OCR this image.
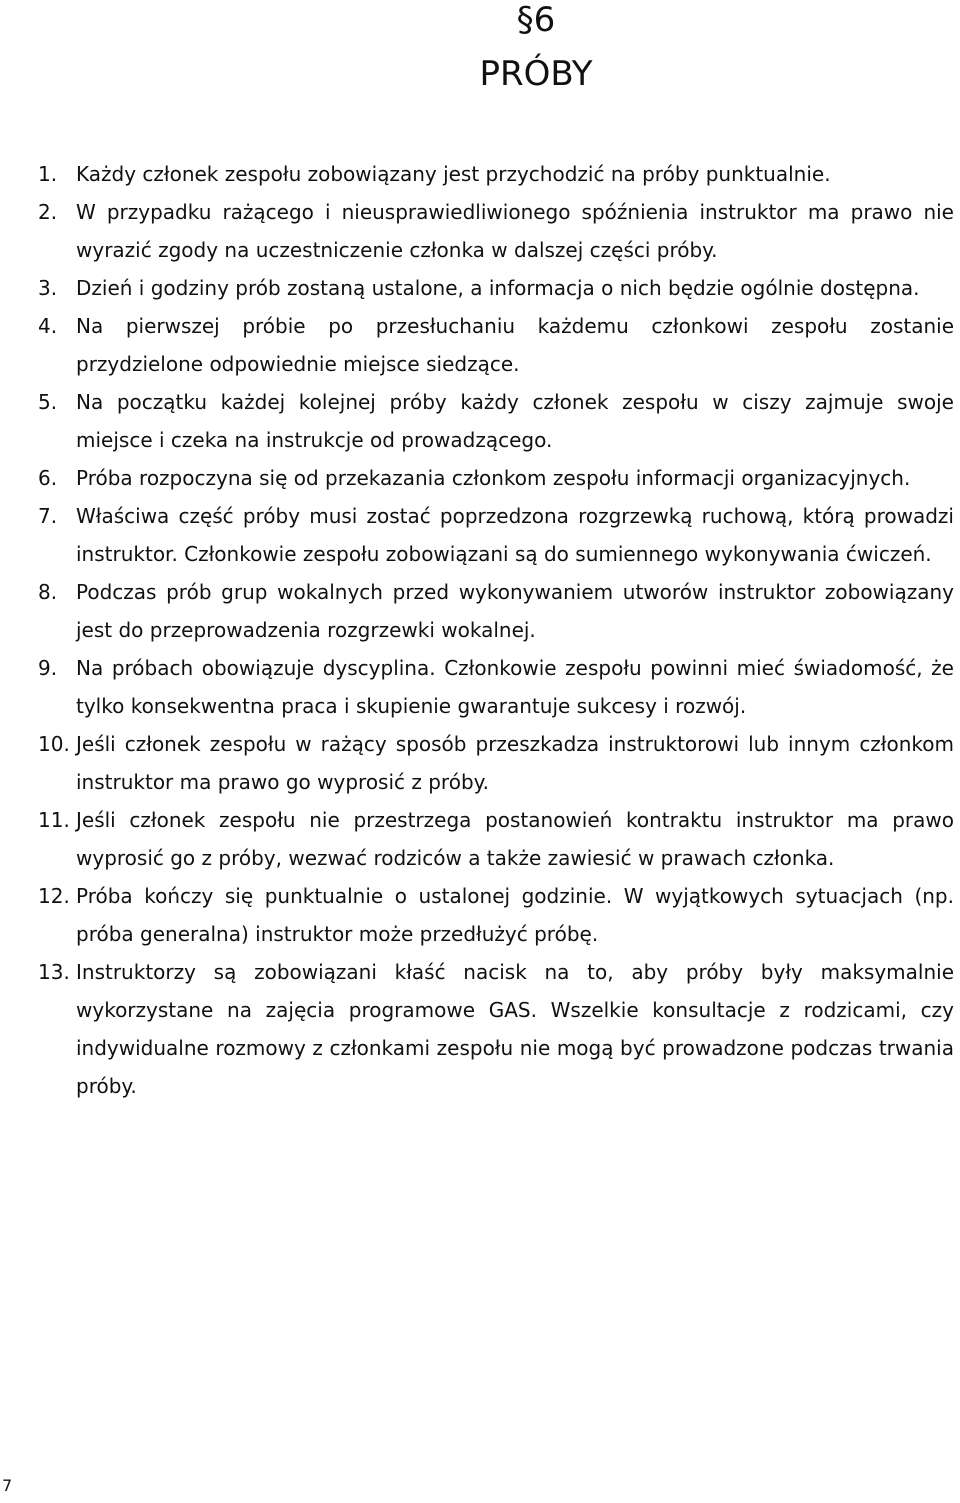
§6
PRÓBY
1. Każdy członek zespołu zobowiązany jest przychodzić na próby punktualnie.
2. W przypadku rażącego i nieusprawiedliwionego spóźnienia instruktor ma prawo nie wyrazić zgody na uczestniczenie członka w dalszej części próby.
3. Dzień i godziny prób zostaną ustalone, a informacja o nich będzie ogólnie dostępna.
4. Na pierwszej próbie po przesłuchaniu każdemu członkowi zespołu zostanie przydzielone odpowiednie miejsce siedzące.
5. Na początku każdej kolejnej próby każdy członek zespołu w ciszy zajmuje swoje miejsce i czeka na instrukcje od prowadzącego.
6. Próba rozpoczyna się od przekazania członkom zespołu informacji organizacyjnych.
7. Właściwa część próby musi zostać poprzedzona rozgrzewką ruchową, którą prowadzi instruktor. Członkowie zespołu zobowiązani są do sumiennego wykonywania ćwiczeń.
8. Podczas prób grup wokalnych przed wykonywaniem utworów instruktor zobowiązany jest do przeprowadzenia rozgrzewki wokalnej.
9. Na próbach obowiązuje dyscyplina. Członkowie zespołu powinni mieć świadomość, że tylko konsekwentna praca i skupienie gwarantuje sukcesy i rozwój.
10. Jeśli członek zespołu w rażący sposób przeszkadza instruktorowi lub innym członkom instruktor ma prawo go wyprosić z próby.
11. Jeśli członek zespołu nie przestrzega postanowień kontraktu instruktor ma prawo wyprosić go z próby, wezwać rodziców a także zawiesić w prawach członka.
12. Próba kończy się punktualnie o ustalonej godzinie. W wyjątkowych sytuacjach (np. próba generalna) instruktor może przedłużyć próbę.
13. Instruktorzy są zobowiązani kłaść nacisk na to, aby próby były maksymalnie wykorzystane na zajęcia programowe GAS. Wszelkie konsultacje z rodzicami, czy indywidualne rozmowy z członkami zespołu nie mogą być prowadzone podczas trwania próby.
7
